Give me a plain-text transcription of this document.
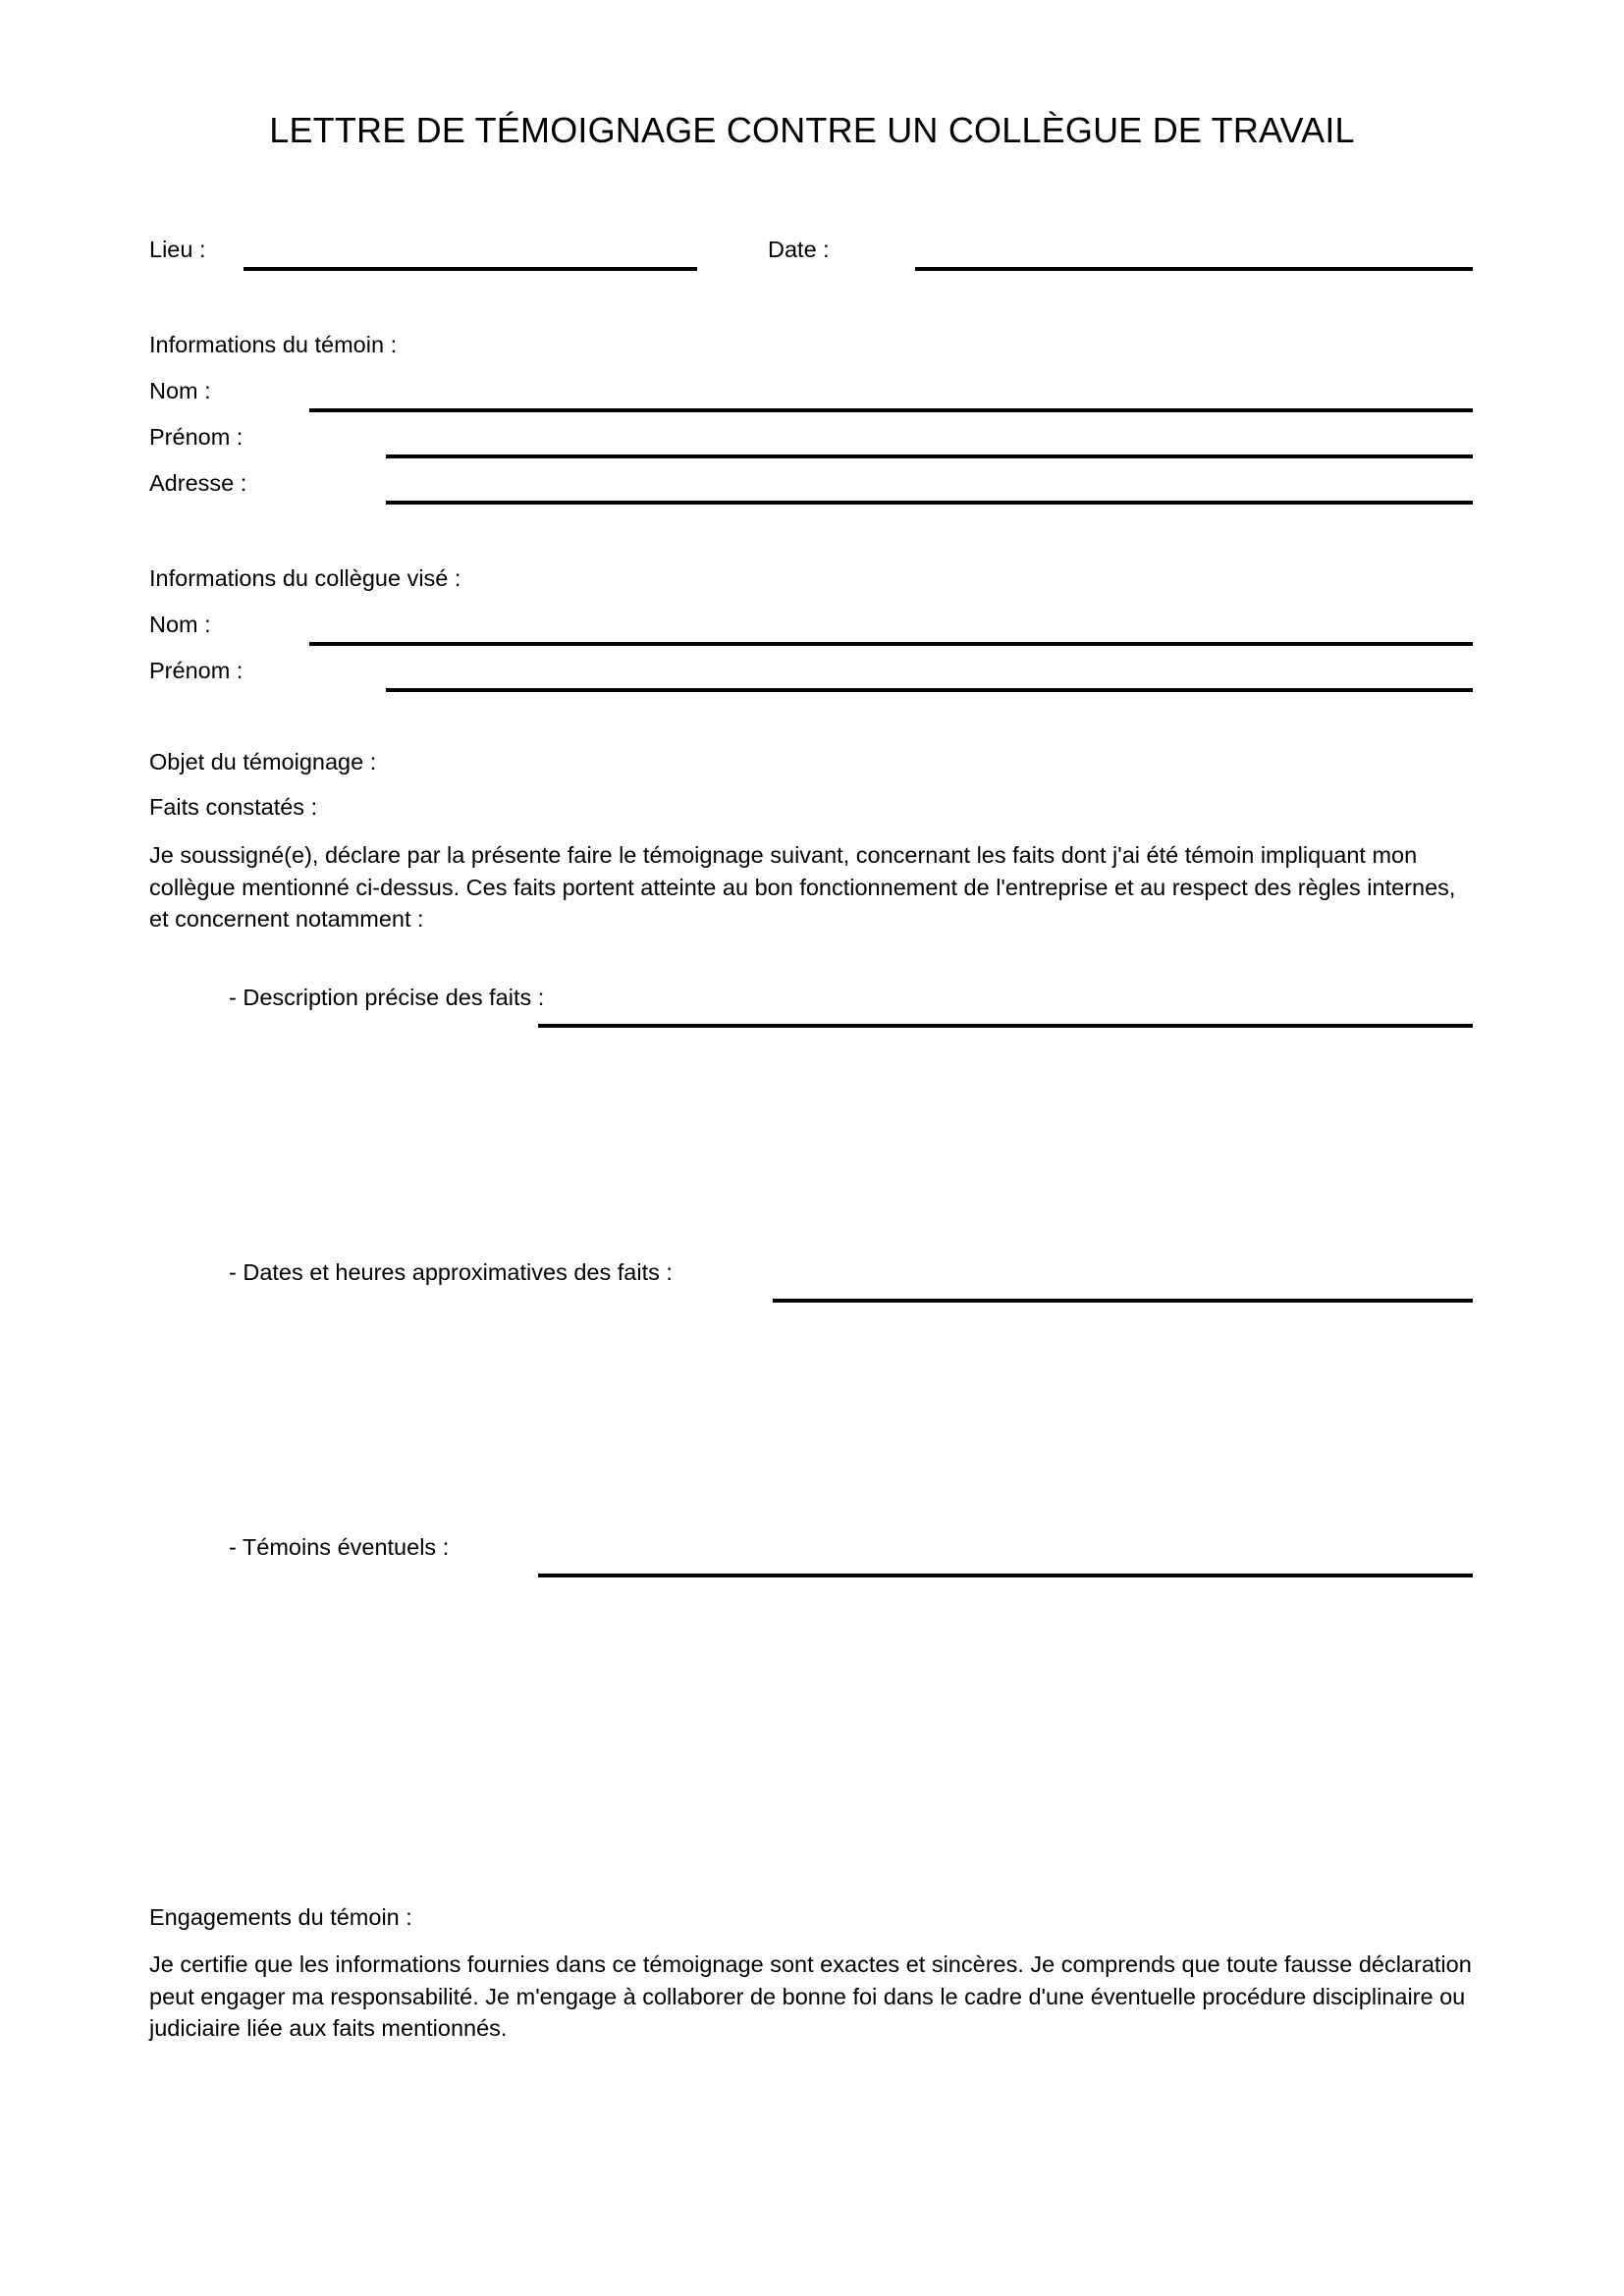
LETTRE DE TÉMOIGNAGE CONTRE UN COLLÈGUE DE TRAVAIL
Lieu :	Date :
Informations du témoin :
Nom :
Prénom :
Adresse :
Informations du collègue visé :
Nom :
Prénom :
Objet du témoignage :
Faits constatés :
Je soussigné(e), déclare par la présente faire le témoignage suivant, concernant les faits dont j'ai été témoin impliquant mon collègue mentionné ci-dessus. Ces faits portent atteinte au bon fonctionnement de l'entreprise et au respect des règles internes, et concernent notamment :
- Description précise des faits :
- Dates et heures approximatives des faits :
- Témoins éventuels :
Engagements du témoin :
Je certifie que les informations fournies dans ce témoignage sont exactes et sincères. Je comprends que toute fausse déclaration peut engager ma responsabilité. Je m'engage à collaborer de bonne foi dans le cadre d'une éventuelle procédure disciplinaire ou judiciaire liée aux faits mentionnés.
